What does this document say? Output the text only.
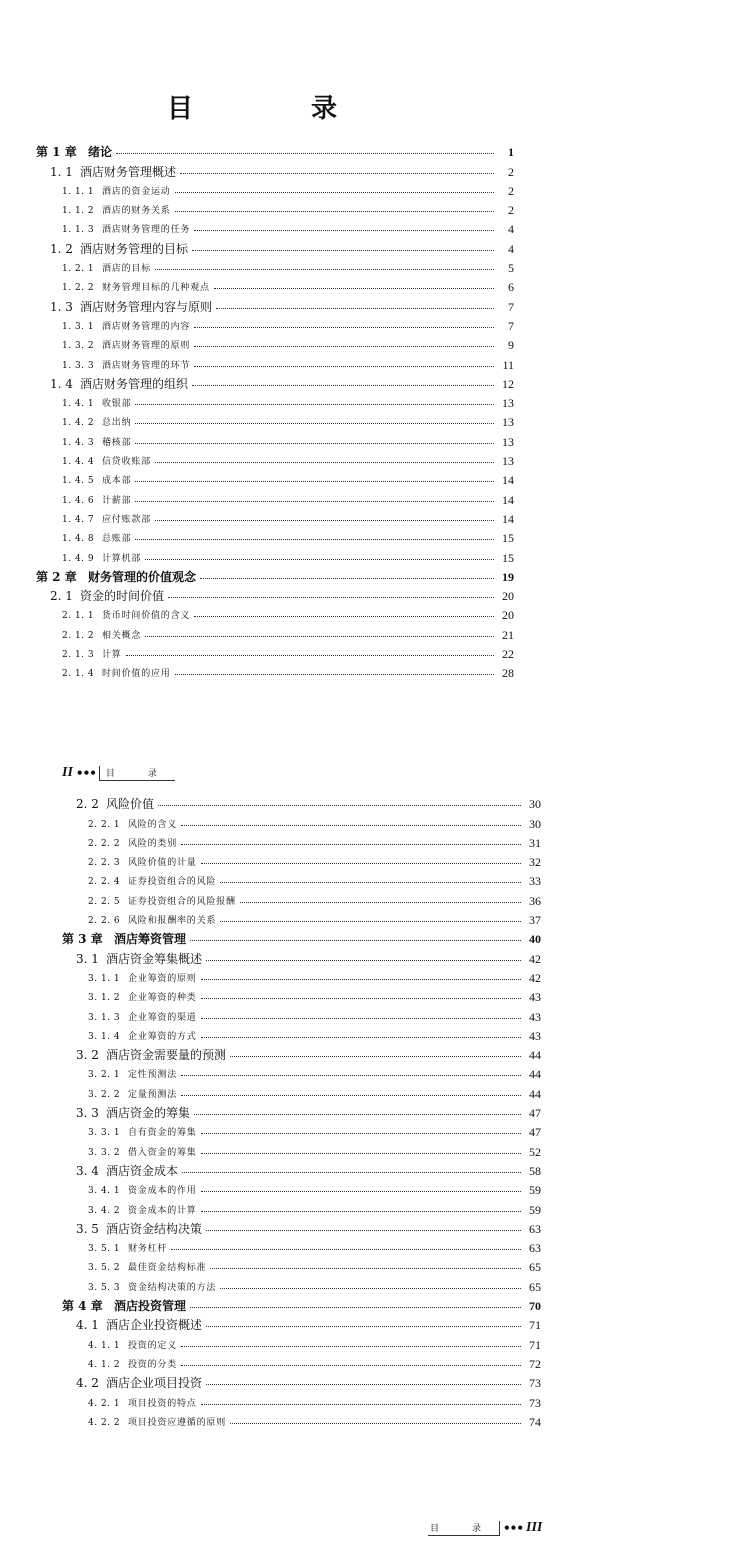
目　录
第 1 章 绪论	1
1. 1 酒店财务管理概述	2
1. 1. 1 酒店的资金运动	2
1. 1. 2 酒店的财务关系	2
1. 1. 3 酒店财务管理的任务	4
1. 2 酒店财务管理的目标	4
1. 2. 1 酒店的目标	5
1. 2. 2 财务管理目标的几种观点	6
1. 3 酒店财务管理内容与原则	7
1. 3. 1 酒店财务管理的内容	7
1. 3. 2 酒店财务管理的原则	9
1. 3. 3 酒店财务管理的环节	11
1. 4 酒店财务管理的组织	12
1. 4. 1 收银部	13
1. 4. 2 总出纳	13
1. 4. 3 稽核部	13
1. 4. 4 信贷收账部	13
1. 4. 5 成本部	14
1. 4. 6 计薪部	14
1. 4. 7 应付账款部	14
1. 4. 8 总账部	15
1. 4. 9 计算机部	15
第 2 章 财务管理的价值观念	19
2. 1 资金的时间价值	20
2. 1. 1 货币时间价值的含义	20
2. 1. 2 相关概念	21
2. 1. 3 计算	22
2. 1. 4 时间价值的应用	28
II •••	目　录
2. 2 风险价值	30
2. 2. 1 风险的含义	30
2. 2. 2 风险的类别	31
2. 2. 3 风险价值的计量	32
2. 2. 4 证券投资组合的风险	33
2. 2. 5 证券投资组合的风险报酬	36
2. 2. 6 风险和报酬率的关系	37
第 3 章 酒店筹资管理	40
3. 1 酒店资金筹集概述	42
3. 1. 1 企业筹资的原则	42
3. 1. 2 企业筹资的种类	43
3. 1. 3 企业筹资的渠道	43
3. 1. 4 企业筹资的方式	43
3. 2 酒店资金需要量的预测	44
3. 2. 1 定性预测法	44
3. 2. 2 定量预测法	44
3. 3 酒店资金的筹集	47
3. 3. 1 自有资金的筹集	47
3. 3. 2 借入资金的筹集	52
3. 4 酒店资金成本	58
3. 4. 1 资金成本的作用	59
3. 4. 2 资金成本的计算	59
3. 5 酒店资金结构决策	63
3. 5. 1 财务杠杆	63
3. 5. 2 最佳资金结构标准	65
3. 5. 3 资金结构决策的方法	65
第 4 章 酒店投资管理	70
4. 1 酒店企业投资概述	71
4. 1. 1 投资的定义	71
4. 1. 2 投资的分类	72
4. 2 酒店企业项目投资	73
4. 2. 1 项目投资的特点	73
4. 2. 2 项目投资应遵循的原则	74
目　录 ••• III
